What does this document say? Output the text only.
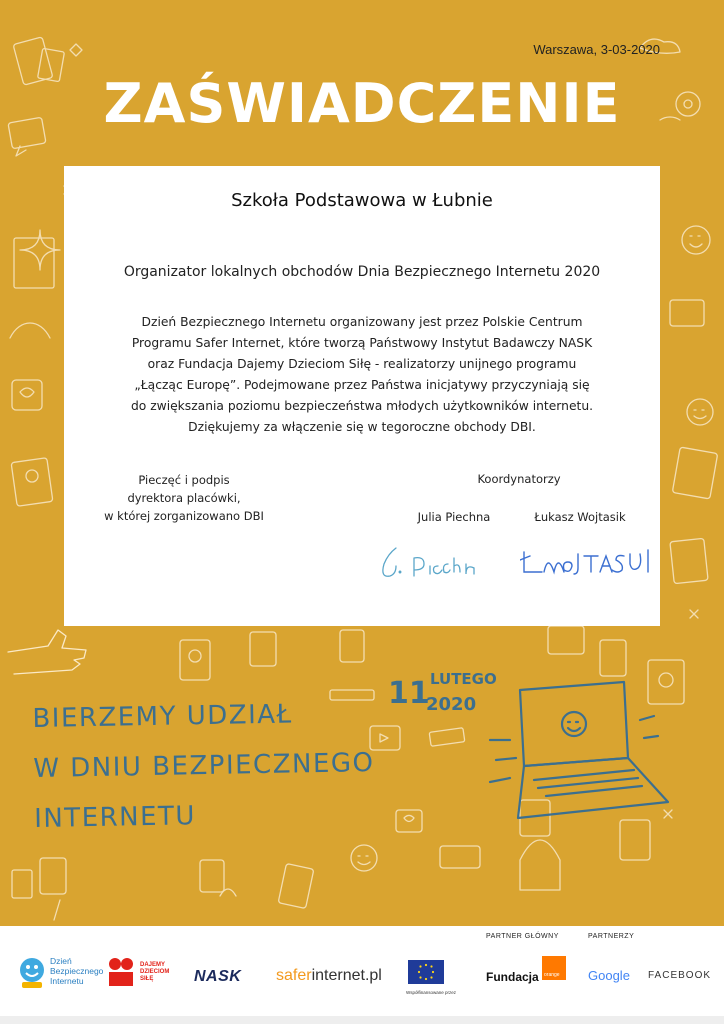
Warszawa, 3-03-2020
ZAŚWIADCZENIE
Szkoła Podstawowa w Łubnie
Organizator lokalnych obchodów Dnia Bezpiecznego Internetu 2020
Dzień Bezpiecznego Internetu organizowany jest przez Polskie Centrum
Programu Safer Internet, które tworzą Państwowy Instytut Badawczy NASK
oraz Fundacja Dajemy Dzieciom Siłę - realizatorzy unijnego programu
„Łącząc Europę”. Podejmowane przez Państwa inicjatywy przyczyniają się
do zwiększania poziomu bezpieczeństwa młodych użytkowników internetu.
Dziękujemy za włączenie się w tegoroczne obchody DBI.
Pieczęć i podpis
dyrektora placówki,
w której zorganizowano DBI
Koordynatorzy
Julia Piechna	Łukasz Wojtasik
BIERZEMY UDZIAŁ
W DNIU BEZPIECZNEGO
INTERNETU
11 LUTEGO
2020
PARTNER GŁÓWNY	PARTNERZY
Dzień
Bezpiecznego
Internetu
DAJEMY
DZIECIOM
SIŁĘ	NASK saferinternet.pl
Współfinansowane przez
Fundacja orange Google FACEBOOK
